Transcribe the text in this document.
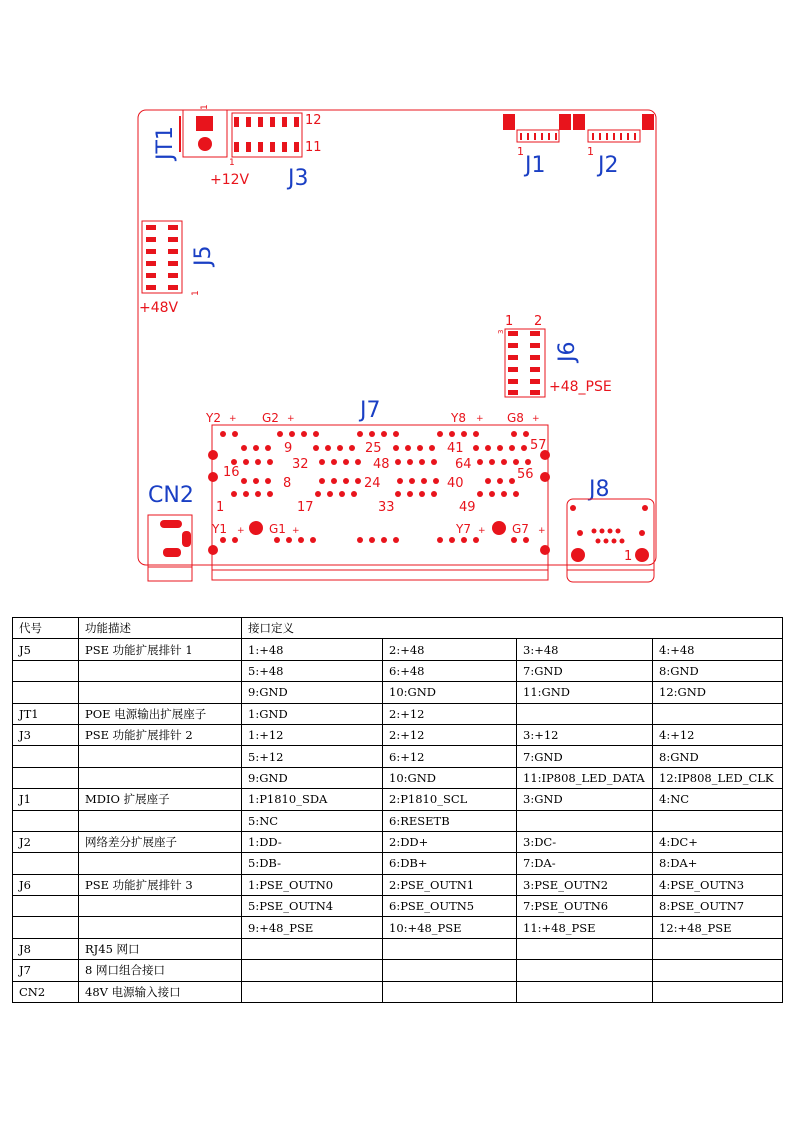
1
JT1
12
11
1
+12V J3
1
J1
1
J2
1
J5
+48V
1 2
3
J6
+48_PSE
J7
Y2	G2	Y8	G8
+	+	+	+
+	+	+	+
9	25	41	57
32	48	64
16	56
8	24	40
1	17	33	49
Y1	G1	Y7	G7
CN2	J8
1
代号	功能描述	接口定义			
J5	PSE 功能扩展排针 1	1:+48	2:+48	3:+48	4:+48
		5:+48	6:+48	7:GND	8:GND
		9:GND	10:GND	11:GND	12:GND
JT1	POE 电源输出扩展座子	1:GND	2:+12		
J3	PSE 功能扩展排针 2	1:+12	2:+12	3:+12	4:+12
		5:+12	6:+12	7:GND	8:GND
		9:GND	10:GND	11:IP808_LED_DATA	12:IP808_LED_CLK
J1	MDIO 扩展座子	1:P1810_SDA	2:P1810_SCL	3:GND	4:NC
		5:NC	6:RESETB		
J2	网络差分扩展座子	1:DD-	2:DD+	3:DC-	4:DC+
		5:DB-	6:DB+	7:DA-	8:DA+
J6	PSE 功能扩展排针 3	1:PSE_OUTN0	2:PSE_OUTN1	3:PSE_OUTN2	4:PSE_OUTN3
		5:PSE_OUTN4	6:PSE_OUTN5	7:PSE_OUTN6	8:PSE_OUTN7
		9:+48_PSE	10:+48_PSE	11:+48_PSE	12:+48_PSE
J8	RJ45 网口				
J7	8 网口组合接口				
CN2	48V 电源输入接口				
